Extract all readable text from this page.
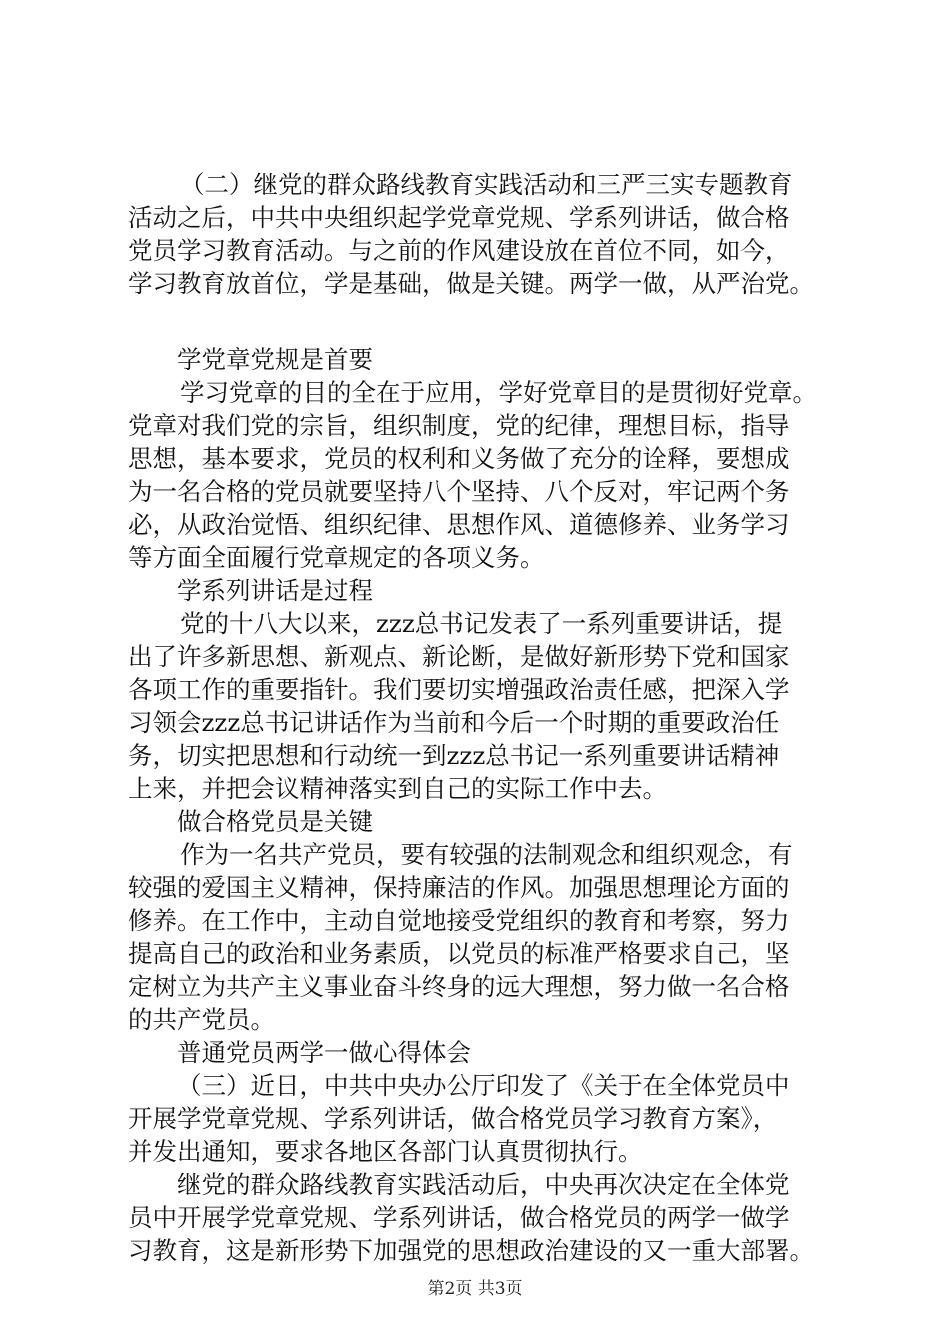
（二）继党的群众路线教育实践活动和三严三实专题教育
活动之后，中共中央组织起学党章党规、学系列讲话，做合格
党员学习教育活动。与之前的作风建设放在首位不同，如今，
学习教育放首位，学是基础，做是关键。两学一做，从严治党。
学党章党规是首要
学习党章的目的全在于应用，学好党章目的是贯彻好党章。
党章对我们党的宗旨，组织制度，党的纪律，理想目标，指导
思想，基本要求，党员的权利和义务做了充分的诠释，要想成
为一名合格的党员就要坚持八个坚持、八个反对，牢记两个务
必，从政治觉悟、组织纪律、思想作风、道德修养、业务学习
等方面全面履行党章规定的各项义务。
学系列讲话是过程
党的十八大以来，zzz总书记发表了一系列重要讲话，提
出了许多新思想、新观点、新论断，是做好新形势下党和国家
各项工作的重要指针。我们要切实增强政治责任感，把深入学
习领会zzz总书记讲话作为当前和今后一个时期的重要政治任
务，切实把思想和行动统一到zzz总书记一系列重要讲话精神
上来，并把会议精神落实到自己的实际工作中去。
做合格党员是关键
作为一名共产党员，要有较强的法制观念和组织观念，有
较强的爱国主义精神，保持廉洁的作风。加强思想理论方面的
修养。在工作中，主动自觉地接受党组织的教育和考察，努力
提高自己的政治和业务素质，以党员的标准严格要求自己，坚
定树立为共产主义事业奋斗终身的远大理想，努力做一名合格
的共产党员。
普通党员两学一做心得体会
（三）近日，中共中央办公厅印发了《关于在全体党员中
开展学党章党规、学系列讲话，做合格党员学习教育方案》，
并发出通知，要求各地区各部门认真贯彻执行。
继党的群众路线教育实践活动后，中央再次决定在全体党
员中开展学党章党规、学系列讲话，做合格党员的两学一做学
习教育，这是新形势下加强党的思想政治建设的又一重大部署。
第2页 共3页
